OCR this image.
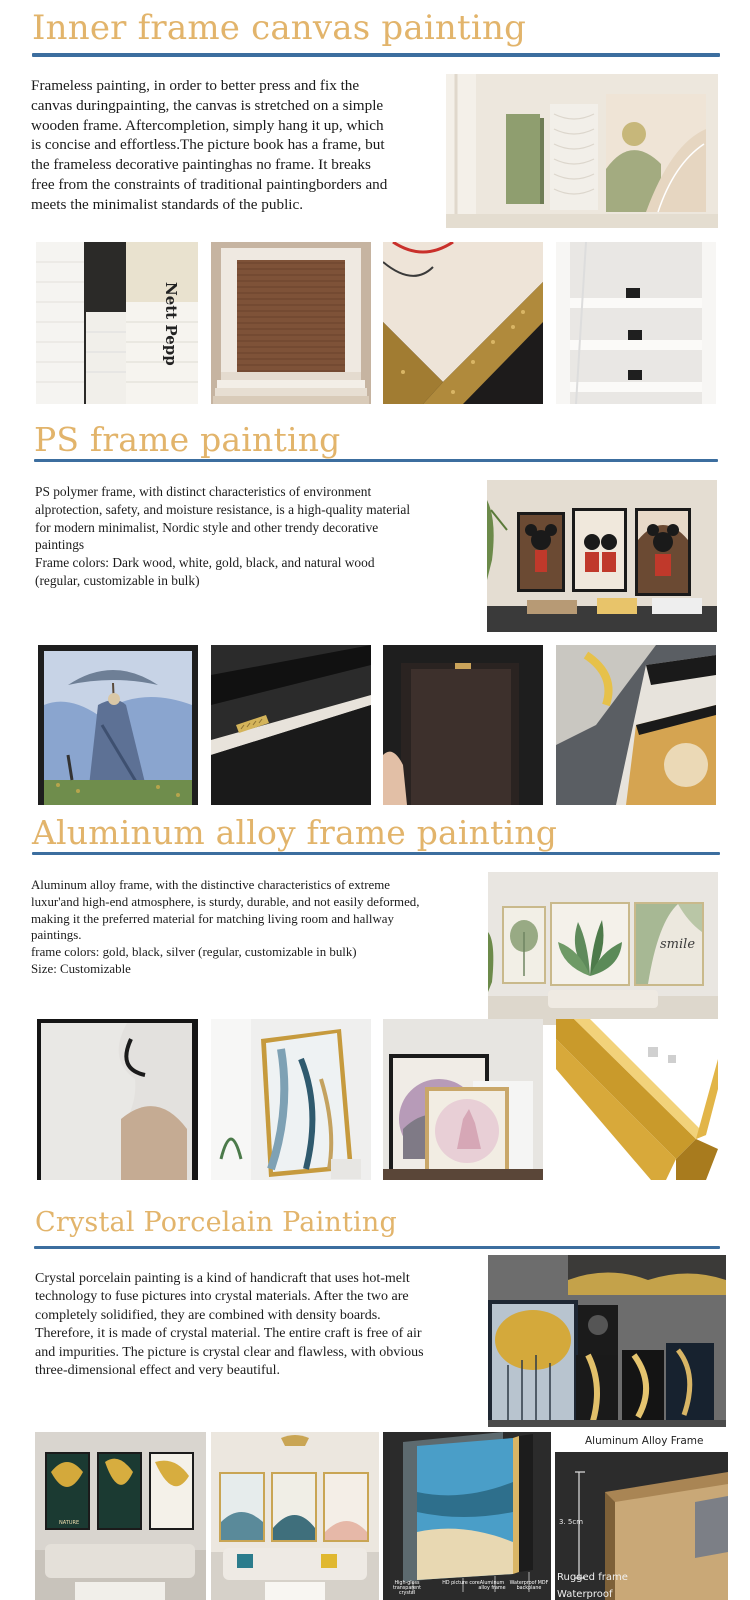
Inner frame canvas painting

Frameless painting, in order to better press and fix the

canvas duringpainting, the canvas is stretched on a simple

wooden frame. Aftercompletion, simply hang it up, which

is concise and effortless.The picture book has a frame, but

the frameless decorative paintinghas no frame. It breaks

free from the constraints of traditional paintingborders and

meets the minimalist standards of the public.

Nett Pepp
PS frame painting

PS polymer frame, with distinct characteristics of environment

alprotection, safety, and moisture resistance, is a high-quality material

for modern minimalist, Nordic style and other trendy decorative

paintings

Frame colors: Dark wood, white, gold, black, and natural wood

(regular, customizable in bulk)

Aluminum alloy frame painting

Aluminum alloy frame, with the distinctive characteristics of extreme

luxur'and high-end atmosphere, is sturdy, durable, and not easily deformed,

making it the preferred material for matching living room and hallway

paintings.

frame colors: gold, black, silver (regular, customizable in bulk)

Size: Customizable

smile
Crystal Porcelain Painting

Crystal porcelain painting is a kind of handicraft that uses hot-melt

technology to fuse pictures into crystal materials. After the two are

completely solidified, they are combined with density boards.

Therefore, it is made of crystal material. The entire craft is free of air

and impurities. The picture is crystal clear and flawless, with obvious

three-dimensional effect and very beautiful.

NATURE
High-gloss transparent crystal
HD picture core Aluminum alloy frame
Waterproof MDF backplane
Aluminum Alloy Frame
3. 5cm
Rugged frame
Waterproof
